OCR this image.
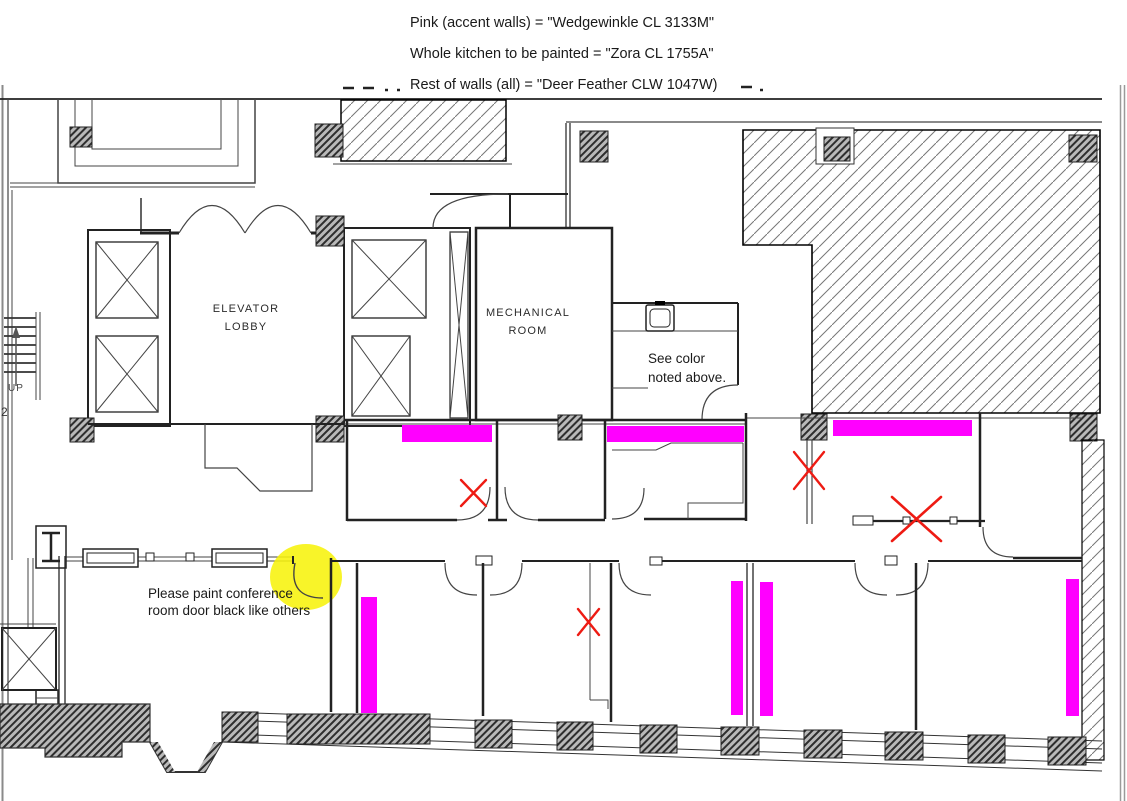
Pink (accent walls) = "Wedgewinkle CL 3133M"
Whole kitchen to be painted = "Zora CL 1755A"
Rest of walls (all) = "Deer Feather CLW 1047W)
ELEVATOR
LOBBY
UP
2
MECHANICAL
ROOM
See color
noted above.
Please paint conference
room door black like others
